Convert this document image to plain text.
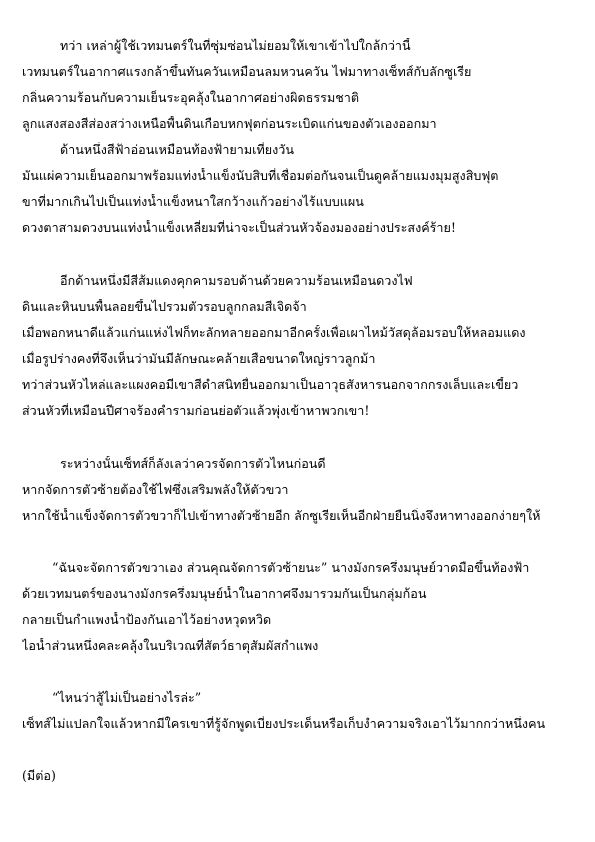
ทว่า เหล่าผู้ใช้เวทมนตร์ในที่ซุ่มซ่อนไม่ยอมให้เขาเข้าไปใกล้กว่านี้
เวทมนตร์ในอากาศแรงกล้าขึ้นทันควันเหมือนลมหวนควัน ไฟมาทางเซ็ทส์กับลักซูเรีย
กลิ่นความร้อนกับความเย็นระอุคลุ้งในอากาศอย่างผิดธรรมชาติ
ลูกแสงสองสีส่องสว่างเหนือพื้นดินเกือบหกฟุตก่อนระเบิดแก่นของตัวเองออกมา
ด้านหนึ่งสีฟ้าอ่อนเหมือนท้องฟ้ายามเที่ยงวัน
มันแผ่ความเย็นออกมาพร้อมแท่งน้ำแข็งนับสิบที่เชื่อมต่อกันจนเป็นดูคล้ายแมงมุมสูงสิบฟุต
ขาที่มากเกินไปเป็นแท่งน้ำแข็งหนาใสกว้างแก้วอย่างไร้แบบแผน
ดวงตาสามดวงบนแท่งน้ำแข็งเหลี่ยมที่น่าจะเป็นส่วนหัวจ้องมองอย่างประสงค์ร้าย!
อีกด้านหนึ่งมีสีส้มแดงคุกคามรอบด้านด้วยความร้อนเหมือนดวงไฟ
ดินและหินบนพื้นลอยขึ้นไปรวมตัวรอบลูกกลมสีเจิดจ้า
เมื่อพอกหนาดีแล้วแก่นแห่งไฟก็ทะลักทลายออกมาอีกครั้งเพื่อเผาไหม้วัสดุล้อมรอบให้หลอมแดง
เมื่อรูปร่างคงที่จึงเห็นว่ามันมีลักษณะคล้ายเสือขนาดใหญ่ราวลูกม้า
ทว่าส่วนหัวไหล่และแผงคอมีเขาสีดำสนิทยื่นออกมาเป็นอาวุธสังหารนอกจากกรงเล็บและเขี้ยว
ส่วนหัวที่เหมือนปีศาจร้องคำรามก่อนย่อตัวแล้วพุ่งเข้าหาพวกเขา!
ระหว่างนั้นเซ็ทส์ก็ลังเลว่าควรจัดการตัวไหนก่อนดี
หากจัดการตัวซ้ายต้องใช้ไฟซึ่งเสริมพลังให้ตัวขวา
หากใช้น้ำแข็งจัดการตัวขวาก็ไปเข้าทางตัวซ้ายอีก ลักซูเรียเห็นอีกฝ่ายยืนนิ่งจึงหาทางออกง่ายๆให้
“ฉันจะจัดการตัวขวาเอง ส่วนคุณจัดการตัวซ้ายนะ” นางมังกรครึ่งมนุษย์วาดมือขึ้นท้องฟ้า
ด้วยเวทมนตร์ของนางมังกรครึ่งมนุษย์น้ำในอากาศจึงมารวมกันเป็นกลุ่มก้อน
กลายเป็นกำแพงน้ำป้องกันเอาไว้อย่างหวุดหวิด
ไอน้ำส่วนหนึ่งคละคลุ้งในบริเวณที่สัตว์ธาตุสัมผัสกำแพง
“ไหนว่าสู้ไม่เป็นอย่างไรล่ะ”
เซ็ทส์ไม่แปลกใจแล้วหากมีใครเขาที่รู้จักพูดเบี่ยงประเด็นหรือเก็บงำความจริงเอาไว้มากกว่าหนึ่งคน
(มีต่อ)
